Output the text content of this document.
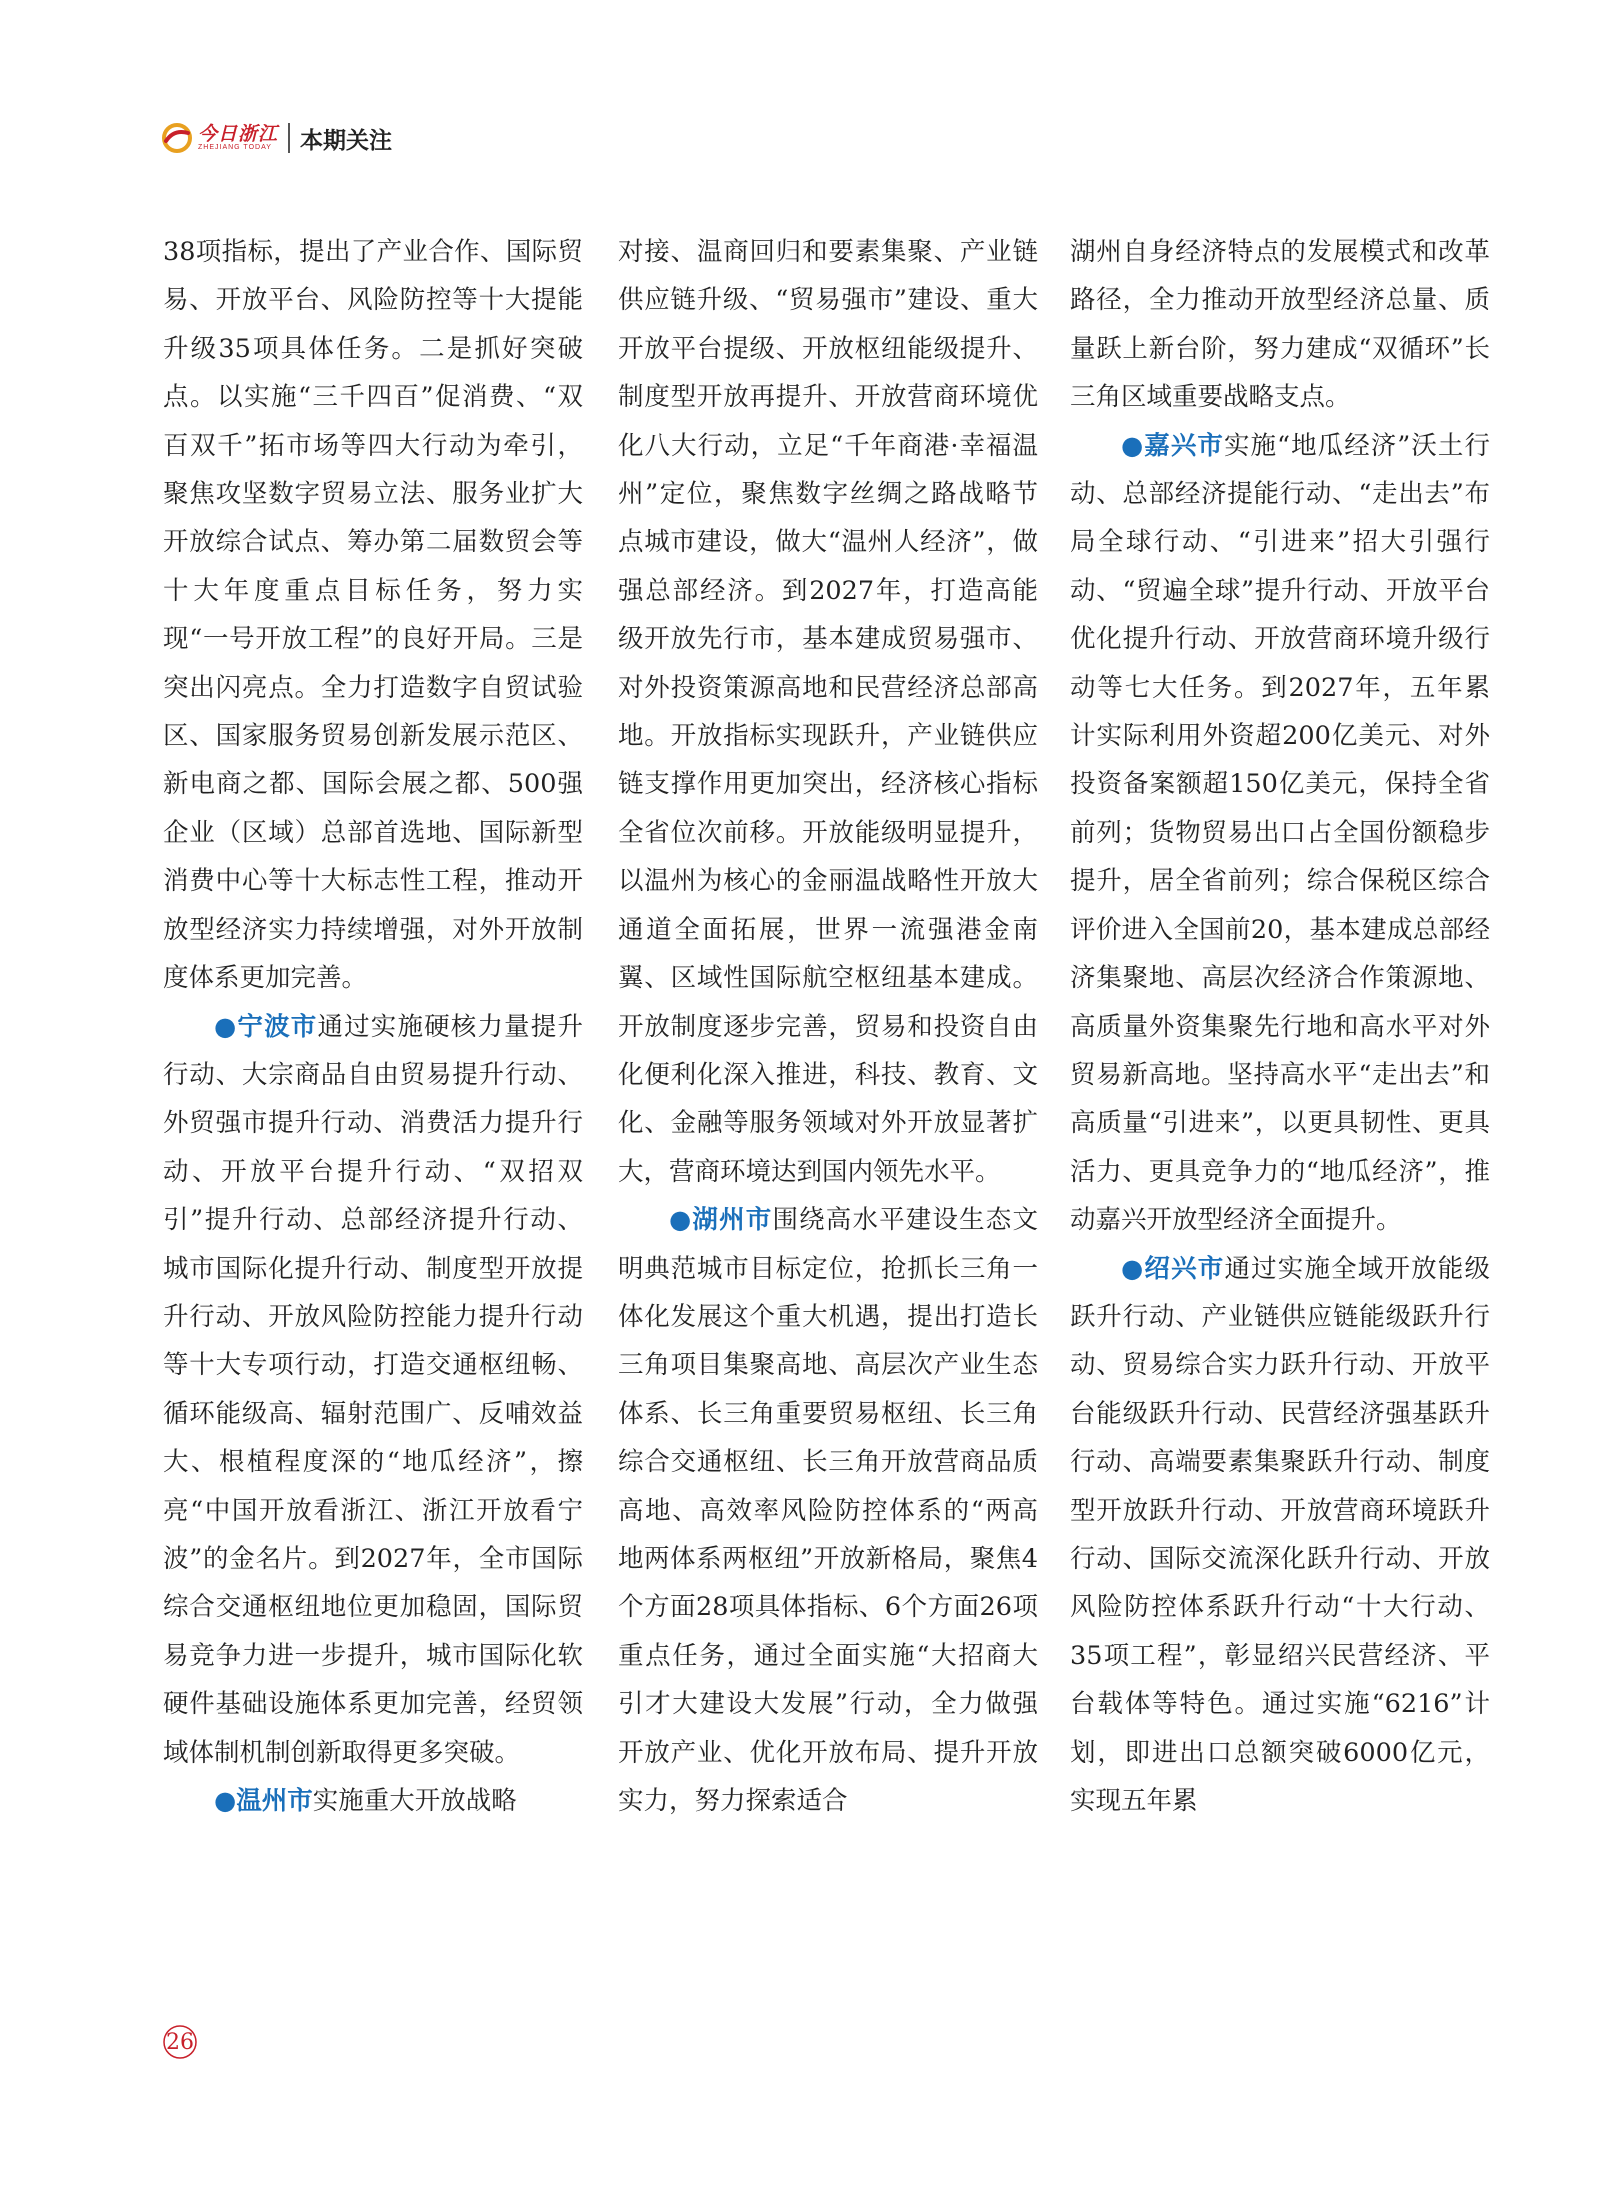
今日浙江
ZHEJIANG TODAY 本期关注

38项指标，提出了产业合作、国际贸易、开放平台、风险防控等十大提能升级35项具体任务。二是抓好突破点。以实施“三千四百”促消费、“双百双千”拓市场等四大行动为牵引，聚焦攻坚数字贸易立法、服务业扩大开放综合试点、筹办第二届数贸会等十大年度重点目标任务，努力实现“一号开放工程”的良好开局。三是突出闪亮点。全力打造数字自贸试验区、国家服务贸易创新发展示范区、新电商之都、国际会展之都、500强企业（区域）总部首选地、国际新型消费中心等十大标志性工程，推动开放型经济实力持续增强，对外开放制度体系更加完善。

●宁波市通过实施硬核力量提升行动、大宗商品自由贸易提升行动、外贸强市提升行动、消费活力提升行动、开放平台提升行动、“双招双引”提升行动、总部经济提升行动、城市国际化提升行动、制度型开放提升行动、开放风险防控能力提升行动等十大专项行动，打造交通枢纽畅、循环能级高、辐射范围广、反哺效益大、根植程度深的“地瓜经济”，擦亮“中国开放看浙江、浙江开放看宁波”的金名片。到2027年，全市国际综合交通枢纽地位更加稳固，国际贸易竞争力进一步提升，城市国际化软硬件基础设施体系更加完善，经贸领域体制机制创新取得更多突破。

●温州市实施重大开放战略

对接、温商回归和要素集聚、产业链供应链升级、“贸易强市”建设、重大开放平台提级、开放枢纽能级提升、制度型开放再提升、开放营商环境优化八大行动，立足“千年商港·幸福温州”定位，聚焦数字丝绸之路战略节点城市建设，做大“温州人经济”，做强总部经济。到2027年，打造高能级开放先行市，基本建成贸易强市、对外投资策源高地和民营经济总部高地。开放指标实现跃升，产业链供应链支撑作用更加突出，经济核心指标全省位次前移。开放能级明显提升，以温州为核心的金丽温战略性开放大通道全面拓展，世界一流强港金南翼、区域性国际航空枢纽基本建成。开放制度逐步完善，贸易和投资自由化便利化深入推进，科技、教育、文化、金融等服务领域对外开放显著扩大，营商环境达到国内领先水平。

●湖州市围绕高水平建设生态文明典范城市目标定位，抢抓长三角一体化发展这个重大机遇，提出打造长三角项目集聚高地、高层次产业生态体系、长三角重要贸易枢纽、长三角综合交通枢纽、长三角开放营商品质高地、高效率风险防控体系的“两高地两体系两枢纽”开放新格局，聚焦4个方面28项具体指标、6个方面26项重点任务，通过全面实施“大招商大引才大建设大发展”行动，全力做强开放产业、优化开放布局、提升开放实力，努力探索适合

湖州自身经济特点的发展模式和改革路径，全力推动开放型经济总量、质量跃上新台阶，努力建成“双循环”长三角区域重要战略支点。

●嘉兴市实施“地瓜经济”沃土行动、总部经济提能行动、“走出去”布局全球行动、“引进来”招大引强行动、“贸遍全球”提升行动、开放平台优化提升行动、开放营商环境升级行动等七大任务。到2027年，五年累计实际利用外资超200亿美元、对外投资备案额超150亿美元，保持全省前列；货物贸易出口占全国份额稳步提升，居全省前列；综合保税区综合评价进入全国前20，基本建成总部经济集聚地、高层次经济合作策源地、高质量外资集聚先行地和高水平对外贸易新高地。坚持高水平“走出去”和高质量“引进来”，以更具韧性、更具活力、更具竞争力的“地瓜经济”，推动嘉兴开放型经济全面提升。

●绍兴市通过实施全域开放能级跃升行动、产业链供应链能级跃升行动、贸易综合实力跃升行动、开放平台能级跃升行动、民营经济强基跃升行动、高端要素集聚跃升行动、制度型开放跃升行动、开放营商环境跃升行动、国际交流深化跃升行动、开放风险防控体系跃升行动“十大行动、35项工程”，彰显绍兴民营经济、平台载体等特色。通过实施“6216”计划，即进出口总额突破6000亿元，实现五年累

26
